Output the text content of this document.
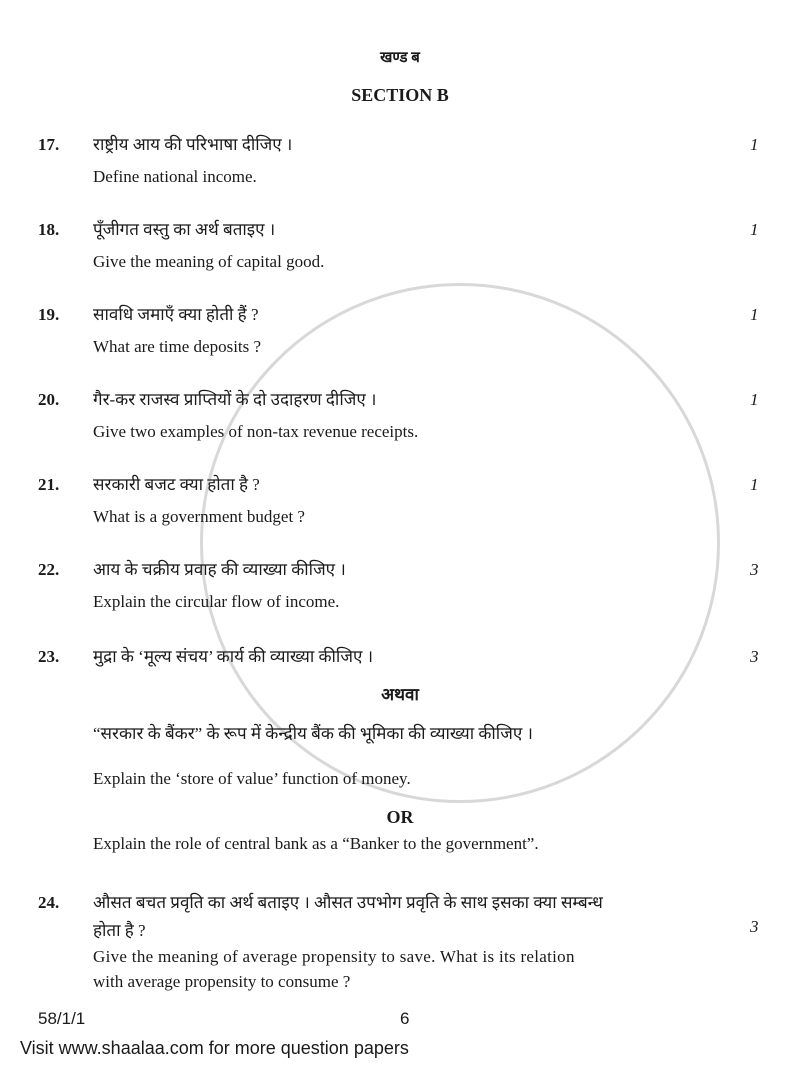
खण्ड ब
SECTION B
17. राष्ट्रीय आय की परिभाषा दीजिए ।	1
Define national income.
18. पूँजीगत वस्तु का अर्थ बताइए ।	1
Give the meaning of capital good.
19. सावधि जमाएँ क्या होती हैं ?	1
What are time deposits ?
20. गैर-कर राजस्व प्राप्तियों के दो उदाहरण दीजिए ।	1
Give two examples of non-tax revenue receipts.
21. सरकारी बजट क्या होता है ?	1
What is a government budget ?
22. आय के चक्रीय प्रवाह की व्याख्या कीजिए ।	3
Explain the circular flow of income.
23. मुद्रा के ‘मूल्य संचय’ कार्य की व्याख्या कीजिए ।	3
अथवा
“सरकार के बैंकर” के रूप में केन्द्रीय बैंक की भूमिका की व्याख्या कीजिए ।
Explain the ‘store of value’ function of money.
OR
Explain the role of central bank as a “Banker to the government”.
24. औसत बचत प्रवृति का अर्थ बताइए । औसत उपभोग प्रवृति के साथ इसका क्या सम्बन्ध
होता है ?	3
Give the meaning of average propensity to save. What is its relation
with average propensity to consume ?
58/1/1	6
Visit www.shaalaa.com for more question papers
